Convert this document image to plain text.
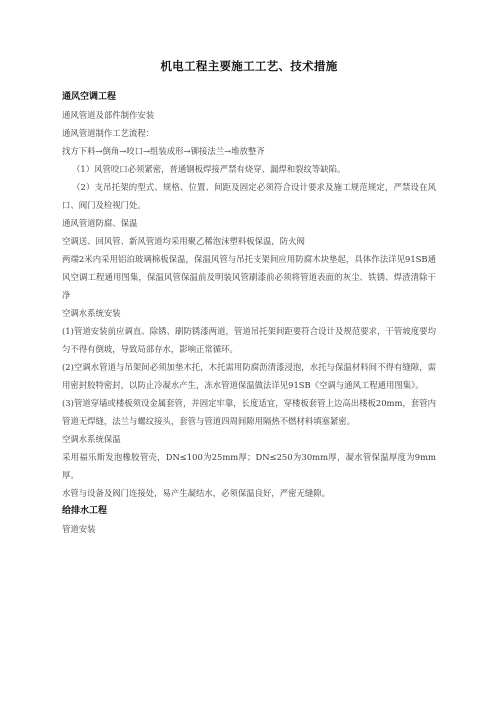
机电工程主要施工工艺、技术措施

通风空调工程

通风管道及部件制作安装

通风管道制作工艺流程：

找方下料→倒角→咬口→组装成形→铆接法兰→堆放整齐

（1）风管咬口必须紧密，普通钢板焊接严禁有烧穿、漏焊和裂纹等缺陷。

（2）支吊托架的型式、规格、位置、间距及固定必须符合设计要求及施工规范规定，严禁设在风口、阀门及检视门处。

通风管道防腐、保温

空调送、回风管、新风管道均采用聚乙稀泡沫塑料板保温，防火阀

两端2米内采用铝泊玻璃棉板保温，保温风管与吊托支架间应用防腐木块垫起，具体作法详见91SB通风空调工程通用图集，保温风管保温前及明装风管刷漆前必须将管道表面的灰尘、铁锈、焊渣清除干净

空调水系统安装

(1)管道安装前应调直、除锈、刷防锈漆两道，管道吊托架间距要符合设计及规范要求，干管坡度要均匀不得有倒坡，导致局部存水，影响正常循环。

(2)空调水管道与吊架间必须加垫木托，木托需用防腐沥清漆浸泡，水托与保温材料间不得有缝隙，需用密封胶特密封，以防止冷凝水产生，冻水管道保温做法详见91SB《空调与通风工程通用图集》。

(3)管道穿墙或楼板须设金属套管，并固定牢靠，长度适宜，穿楼板套管上边高出楼板20mm，套管内管道无焊缝，法兰与螺纹接头，套管与管道四周间隙用隔热不燃材料填塞紧密。

空调水系统保温

采用福乐斯发泡橡胶管壳，DN≤100为25mm厚；DN≤250为30mm厚，凝水管保温厚度为9mm厚。

水管与设备及阀门连接处，易产生凝结水，必须保温良好，严密无缝隙。

给排水工程

管道安装
